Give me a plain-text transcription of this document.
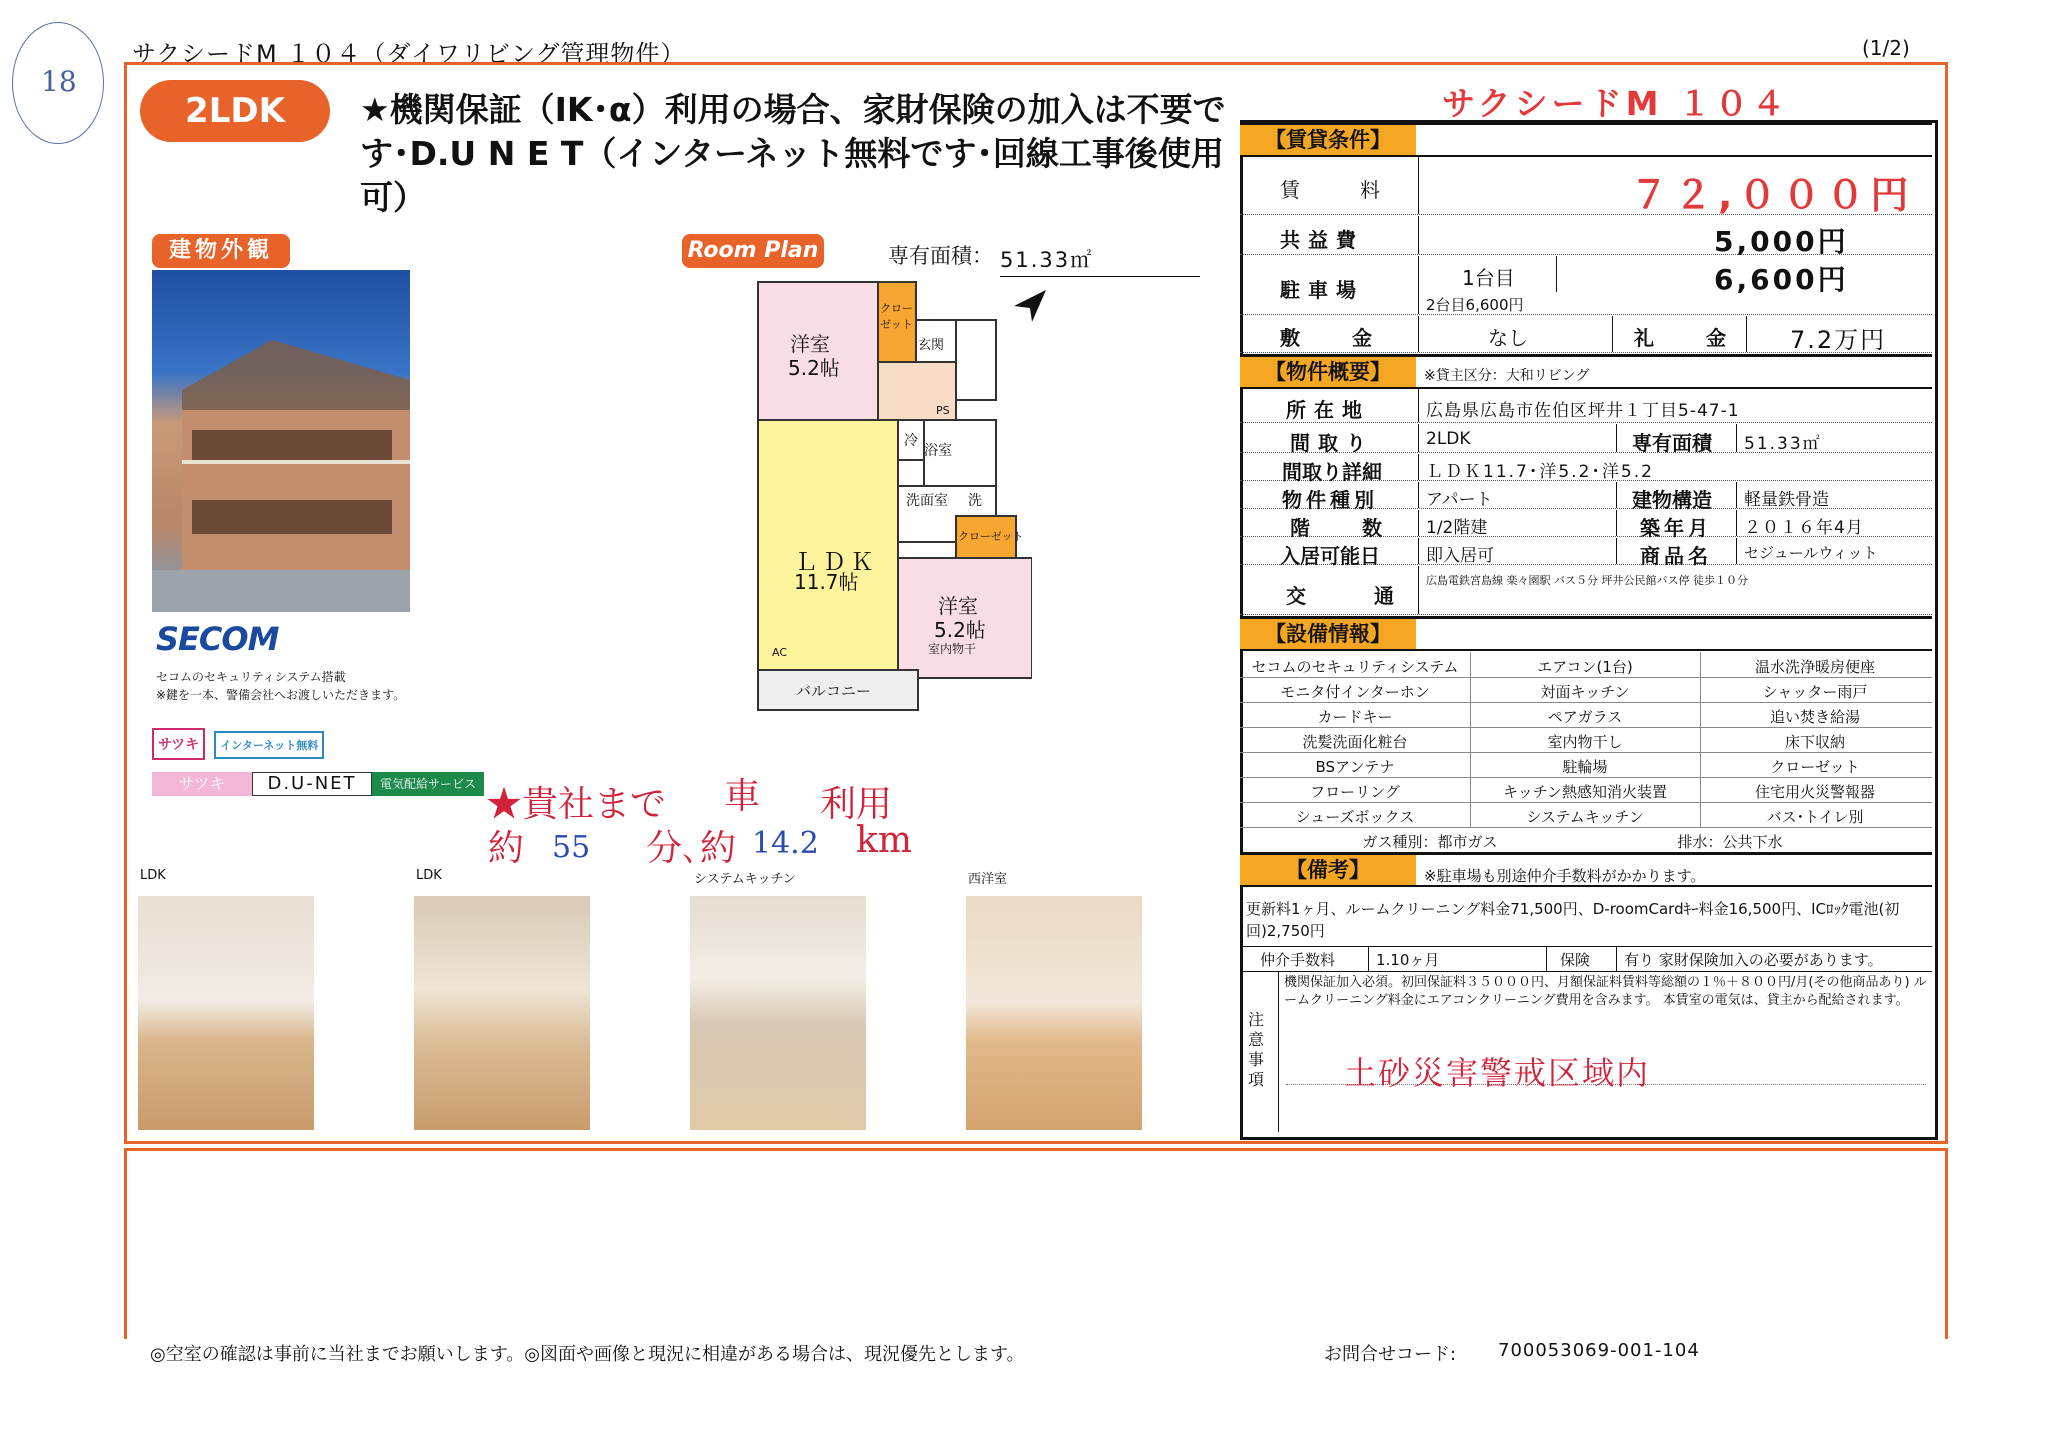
18
サクシードM １０４（ダイワリビング管理物件）	(1/2)
2LDK	★機関保証（IK･α）利用の場合、家財保険の加入は不要です･D.U N E T（インターネット無料です･回線工事後使用可）
建物外観
SECOM
セコムのセキュリティシステム搭載
※鍵を一本、警備会社へお渡しいただきます。
サツキ インターネット無料
サツキ	D.U-NET	電気配給サービス ★貴社まで 車 利用
約 55 分､約 14.2 km
Room Plan	専有面積： 51.33㎡
洋室
5.2帖
クローゼット
玄関
PS
冷
浴室
洗面室 洗
クローゼット
ＬＤＫ
11.7帖
洋室
5.2帖
室内物干
AC
バルコニー
LDK	LDK	システムキッチン	西洋室
サクシードM １０４
【賃貸条件】
賃　料	７２,０００円
共益費	5,000円
駐車場	1台目	6,600円
2台目6,600円
敷　金	なし	礼　金 7.2万円
【物件概要】	※貸主区分：大和リビング
所在地	広島県広島市佐伯区坪井１丁目5-47-1
間取り	2LDK	専有面積 51.33㎡
間取り詳細	ＬＤＫ11.7･洋5.2･洋5.2
物件種別	アパート	建物構造 軽量鉄骨造
階　数 1/2階建	築年月 ２０１６年4月
入居可能日	即入居可	商品名 セジュールウィット
交　通
広島電鉄宮島線 楽々園駅 バス５分 坪井公民館バス停 徒歩１０分
【設備情報】
セコムのセキュリティシステム	エアコン(1台)	温水洗浄暖房便座
モニタ付インターホン	対面キッチン	シャッター雨戸
カードキー	ペアガラス	追い焚き給湯
洗髪洗面化粧台	室内物干し	床下収納
BSアンテナ	駐輪場	クローゼット
フローリング	キッチン熱感知消火装置	住宅用火災警報器
シューズボックス	システムキッチン	バス･トイレ別
ガス種別：都市ガス	排水：公共下水
【備考】	※駐車場も別途仲介手数料がかかります。
更新料1ヶ月、ルームクリーニング料金71,500円、D-roomCardｷｰ料金16,500円、ICﾛｯｸ電池(初回)2,750円
仲介手数料	1.10ヶ月	保険 有り 家財保険加入の必要があります。
注意事項
機関保証加入必須。初回保証料３５０００円、月額保証料賃料等総額の１％＋８００円/月(その他商品あり) ルームクリーニング料金にエアコンクリーニング費用を含みます。 本賃室の電気は、貸主から配給されます。
土砂災害警戒区域内
◎空室の確認は事前に当社までお願いします。◎図面や画像と現況に相違がある場合は、現況優先とします。	お問合せコード: 700053069-001-104
